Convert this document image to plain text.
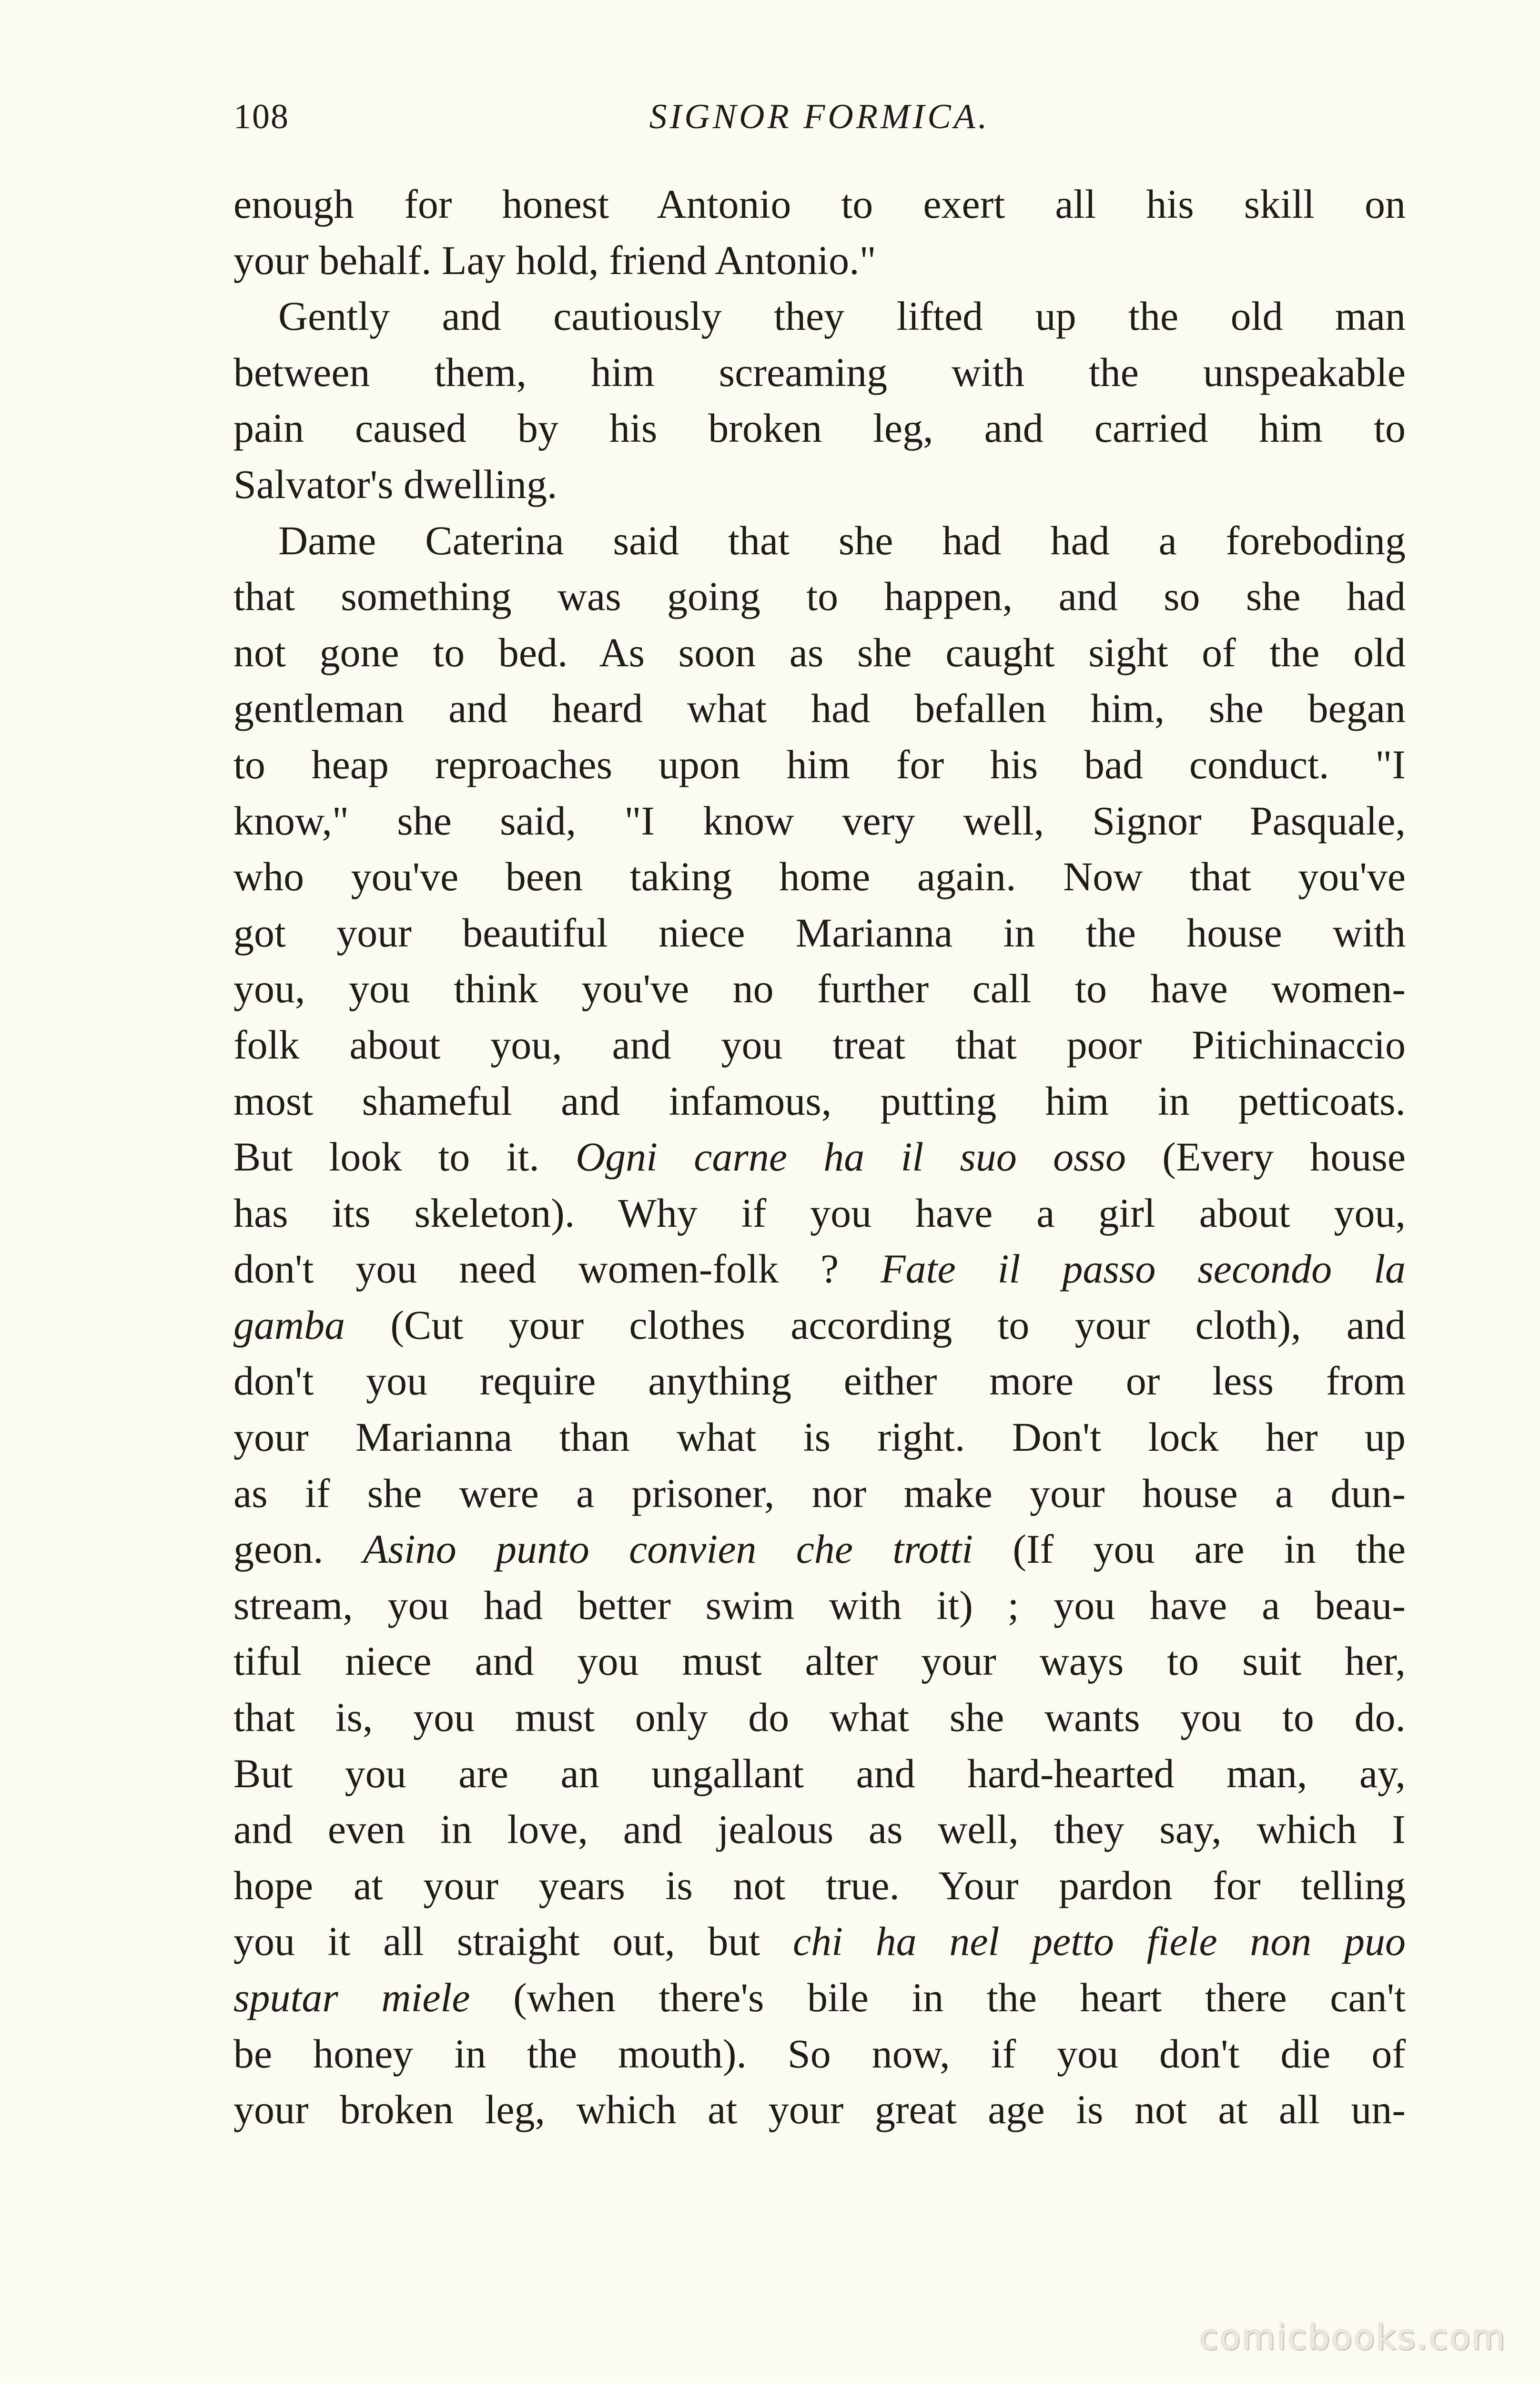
108	SIGNOR FORMICA.
enough for honest Antonio to exert all his skill on
your behalf. Lay hold, friend Antonio."
Gently and cautiously they lifted up the old man
between them, him screaming with the unspeakable
pain caused by his broken leg, and carried him to
Salvator's dwelling.
Dame Caterina said that she had had a foreboding
that something was going to happen, and so she had
not gone to bed. As soon as she caught sight of the old
gentleman and heard what had befallen him, she began
to heap reproaches upon him for his bad conduct. "I
know," she said, "I know very well, Signor Pasquale,
who you've been taking home again. Now that you've
got your beautiful niece Marianna in the house with
you, you think you've no further call to have women-
folk about you, and you treat that poor Pitichinaccio
most shameful and infamous, putting him in petticoats.
But look to it. Ogni carne ha il suo osso (Every house
has its skeleton). Why if you have a girl about you,
don't you need women-folk ? Fate il passo secondo la
gamba (Cut your clothes according to your cloth), and
don't you require anything either more or less from
your Marianna than what is right. Don't lock her up
as if she were a prisoner, nor make your house a dun-
geon. Asino punto convien che trotti (If you are in the
stream, you had better swim with it) ; you have a beau-
tiful niece and you must alter your ways to suit her,
that is, you must only do what she wants you to do.
But you are an ungallant and hard-hearted man, ay,
and even in love, and jealous as well, they say, which I
hope at your years is not true. Your pardon for telling
you it all straight out, but chi ha nel petto fiele non puo
sputar miele (when there's bile in the heart there can't
be honey in the mouth). So now, if you don't die of
your broken leg, which at your great age is not at all un-
comicbooks.com
